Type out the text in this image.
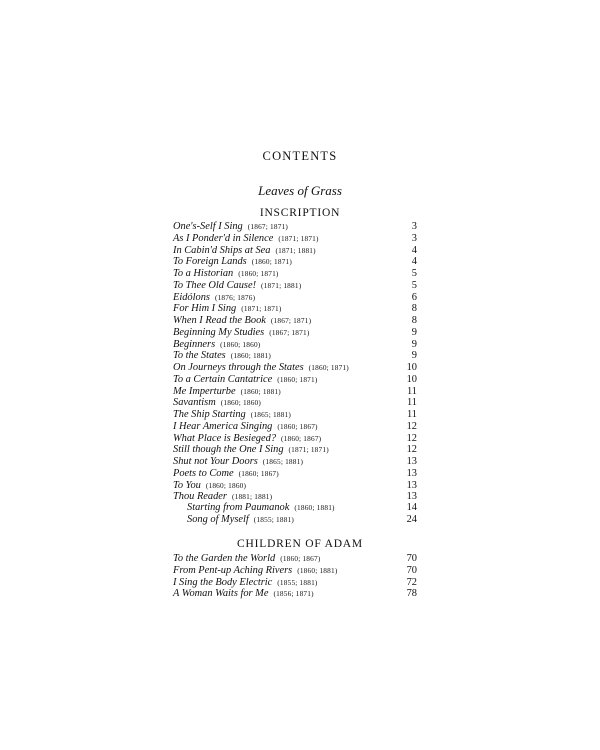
CONTENTS
Leaves of Grass
INSCRIPTION
One's-Self I Sing (1867; 1871)	3
As I Ponder'd in Silence (1871; 1871)	3
In Cabin'd Ships at Sea (1871; 1881)	4
To Foreign Lands (1860; 1871)	4
To a Historian (1860; 1871)	5
To Thee Old Cause! (1871; 1881)	5
Eidólons (1876; 1876)	6
For Him I Sing (1871; 1871)	8
When I Read the Book (1867; 1871)	8
Beginning My Studies (1867; 1871)	9
Beginners (1860; 1860)	9
To the States (1860; 1881)	9
On Journeys through the States (1860; 1871)	10
To a Certain Cantatrice (1860; 1871)	10
Me Imperturbe (1860; 1881)	11
Savantism (1860; 1860)	11
The Ship Starting (1865; 1881)	11
I Hear America Singing (1860; 1867)	12
What Place is Besieged? (1860; 1867)	12
Still though the One I Sing (1871; 1871)	12
Shut not Your Doors (1865; 1881)	13
Poets to Come (1860; 1867)	13
To You (1860; 1860)	13
Thou Reader (1881; 1881)	13
Starting from Paumanok (1860; 1881)	14
Song of Myself (1855; 1881)	24
CHILDREN OF ADAM
To the Garden the World (1860; 1867)	70
From Pent-up Aching Rivers (1860; 1881)	70
I Sing the Body Electric (1855; 1881)	72
A Woman Waits for Me (1856; 1871)	78
